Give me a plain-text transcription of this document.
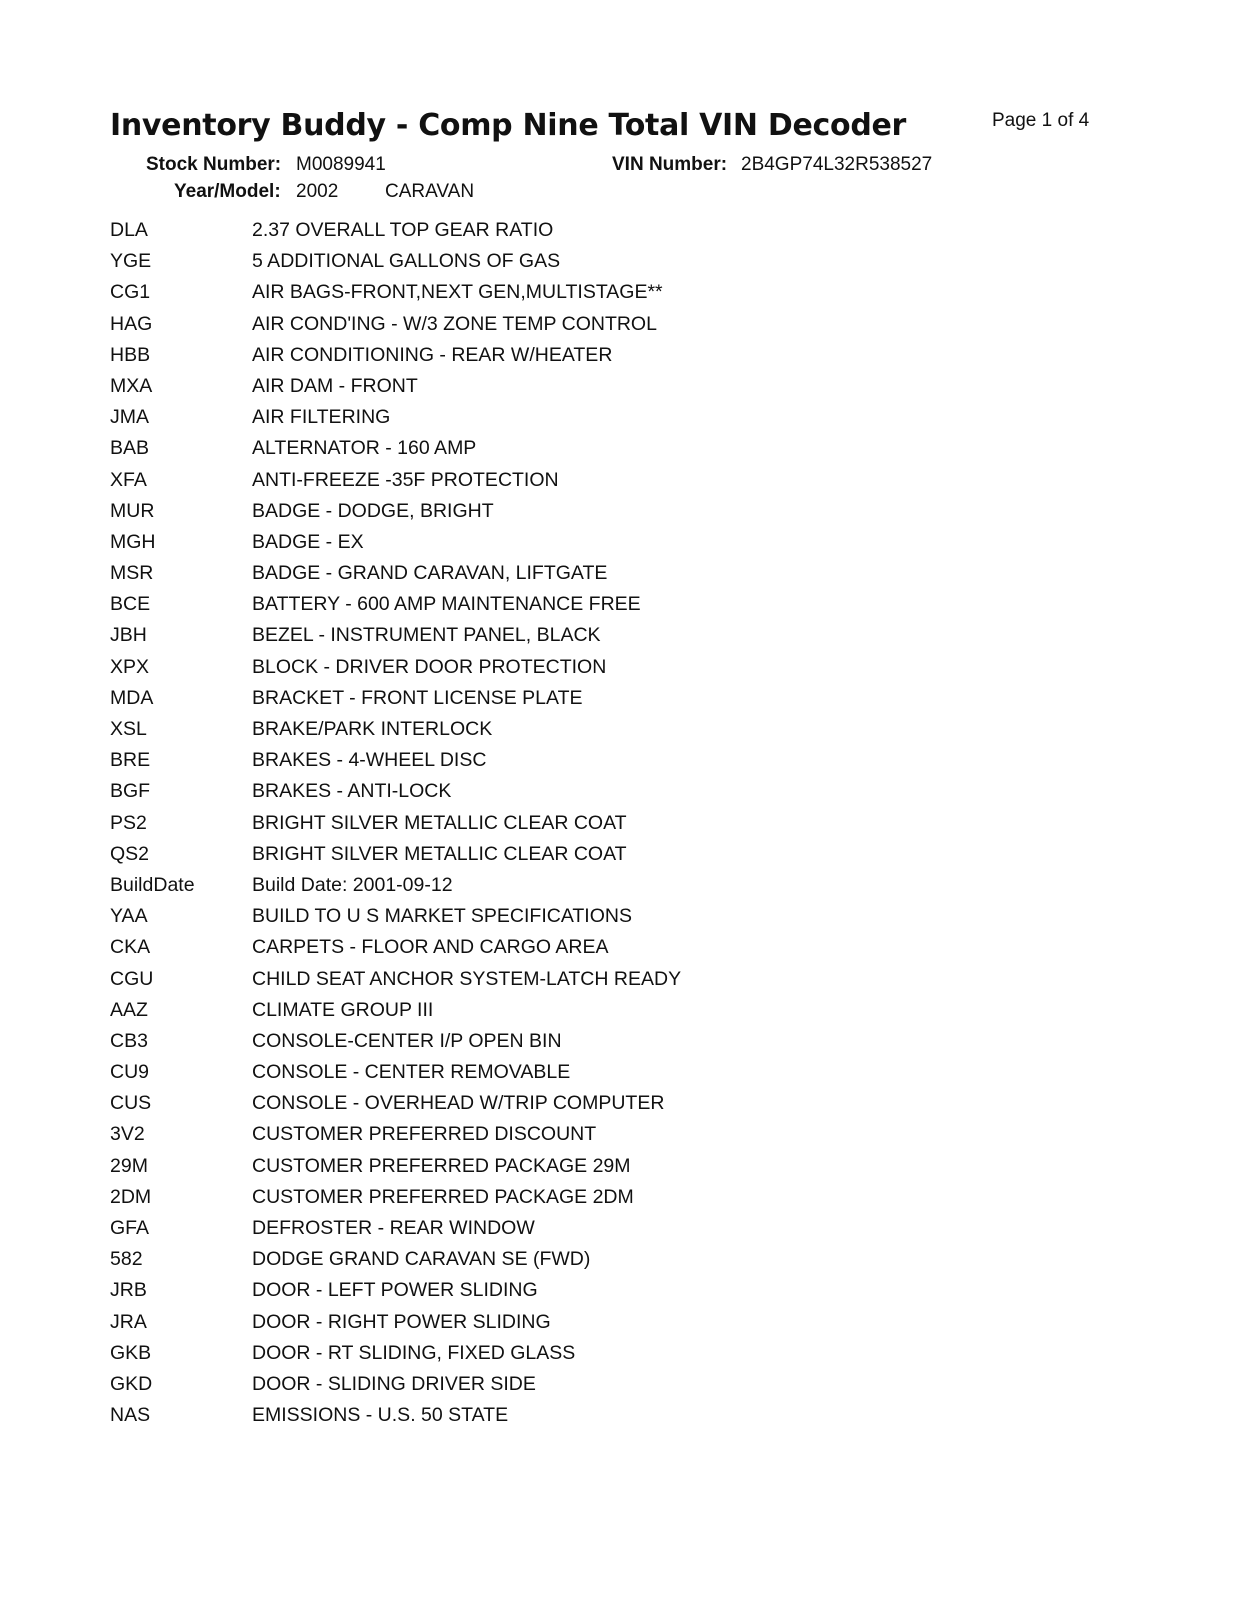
Inventory Buddy - Comp Nine Total VIN Decoder	Page 1 of 4
Stock Number: M0089941	VIN Number: 2B4GP74L32R538527
Year/Model: 2002 CARAVAN
DLA	2.37 OVERALL TOP GEAR RATIO
YGE	5 ADDITIONAL GALLONS OF GAS
CG1	AIR BAGS-FRONT,NEXT GEN,MULTISTAGE**
HAG	AIR COND'ING - W/3 ZONE TEMP CONTROL
HBB	AIR CONDITIONING - REAR W/HEATER
MXA	AIR DAM - FRONT
JMA	AIR FILTERING
BAB	ALTERNATOR - 160 AMP
XFA	ANTI-FREEZE -35F PROTECTION
MUR	BADGE - DODGE, BRIGHT
MGH	BADGE - EX
MSR	BADGE - GRAND CARAVAN, LIFTGATE
BCE	BATTERY - 600 AMP MAINTENANCE FREE
JBH	BEZEL - INSTRUMENT PANEL, BLACK
XPX	BLOCK - DRIVER DOOR PROTECTION
MDA	BRACKET - FRONT LICENSE PLATE
XSL	BRAKE/PARK INTERLOCK
BRE	BRAKES - 4-WHEEL DISC
BGF	BRAKES - ANTI-LOCK
PS2	BRIGHT SILVER METALLIC CLEAR COAT
QS2	BRIGHT SILVER METALLIC CLEAR COAT
BuildDate	Build Date: 2001-09-12
YAA	BUILD TO U S MARKET SPECIFICATIONS
CKA	CARPETS - FLOOR AND CARGO AREA
CGU	CHILD SEAT ANCHOR SYSTEM-LATCH READY
AAZ	CLIMATE GROUP III
CB3	CONSOLE-CENTER I/P OPEN BIN
CU9	CONSOLE - CENTER REMOVABLE
CUS	CONSOLE - OVERHEAD W/TRIP COMPUTER
3V2	CUSTOMER PREFERRED DISCOUNT
29M	CUSTOMER PREFERRED PACKAGE 29M
2DM	CUSTOMER PREFERRED PACKAGE 2DM
GFA	DEFROSTER - REAR WINDOW
582	DODGE GRAND CARAVAN SE (FWD)
JRB	DOOR - LEFT POWER SLIDING
JRA	DOOR - RIGHT POWER SLIDING
GKB	DOOR - RT SLIDING, FIXED GLASS
GKD	DOOR - SLIDING DRIVER SIDE
NAS	EMISSIONS - U.S. 50 STATE
